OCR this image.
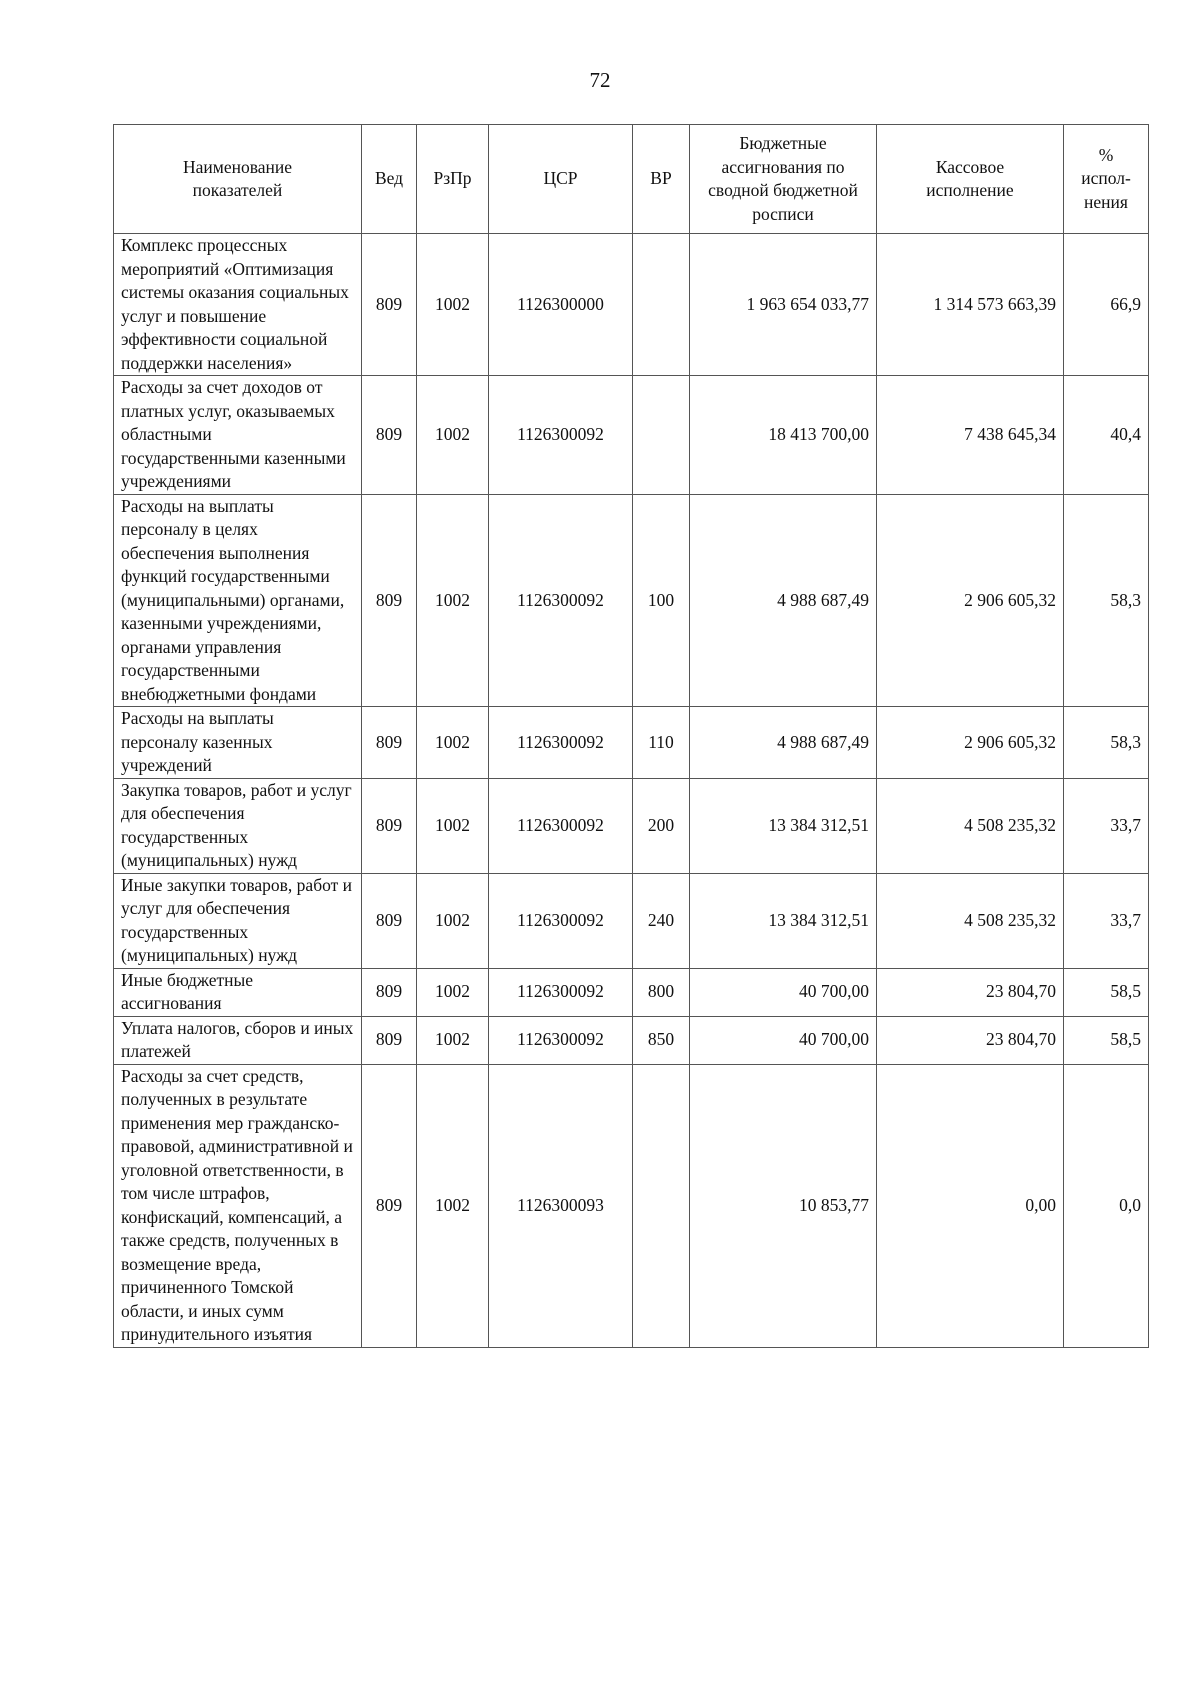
72
Наименование показателей	Вед	РзПр	ЦСР	ВР	Бюджетные ассигнования по сводной бюджетной росписи	Кассовое исполнение	% испол-нения
Комплекс процессных мероприятий «Оптимизация системы оказания социальных услуг и повышение эффективности социальной поддержки населения»	809	1002	1126300000		1 963 654 033,77	1 314 573 663,39	66,9
Расходы за счет доходов от платных услуг, оказываемых областными государственными казенными учреждениями	809	1002	1126300092		18 413 700,00	7 438 645,34	40,4
Расходы на выплаты персоналу в целях обеспечения выполнения функций государственными (муниципальными) органами, казенными учреждениями, органами управления государственными внебюджетными фондами	809	1002	1126300092	100	4 988 687,49	2 906 605,32	58,3
Расходы на выплаты персоналу казенных учреждений	809	1002	1126300092	110	4 988 687,49	2 906 605,32	58,3
Закупка товаров, работ и услуг для обеспечения государственных (муниципальных) нужд	809	1002	1126300092	200	13 384 312,51	4 508 235,32	33,7
Иные закупки товаров, работ и услуг для обеспечения государственных (муниципальных) нужд	809	1002	1126300092	240	13 384 312,51	4 508 235,32	33,7
Иные бюджетные ассигнования	809	1002	1126300092	800	40 700,00	23 804,70	58,5
Уплата налогов, сборов и иных платежей	809	1002	1126300092	850	40 700,00	23 804,70	58,5
Расходы за счет средств, полученных в результате применения мер гражданско-правовой, административной и уголовной ответственности, в том числе штрафов, конфискаций, компенсаций, а также средств, полученных в возмещение вреда, причиненного Томской области, и иных сумм принудительного изъятия	809	1002	1126300093		10 853,77	0,00	0,0
